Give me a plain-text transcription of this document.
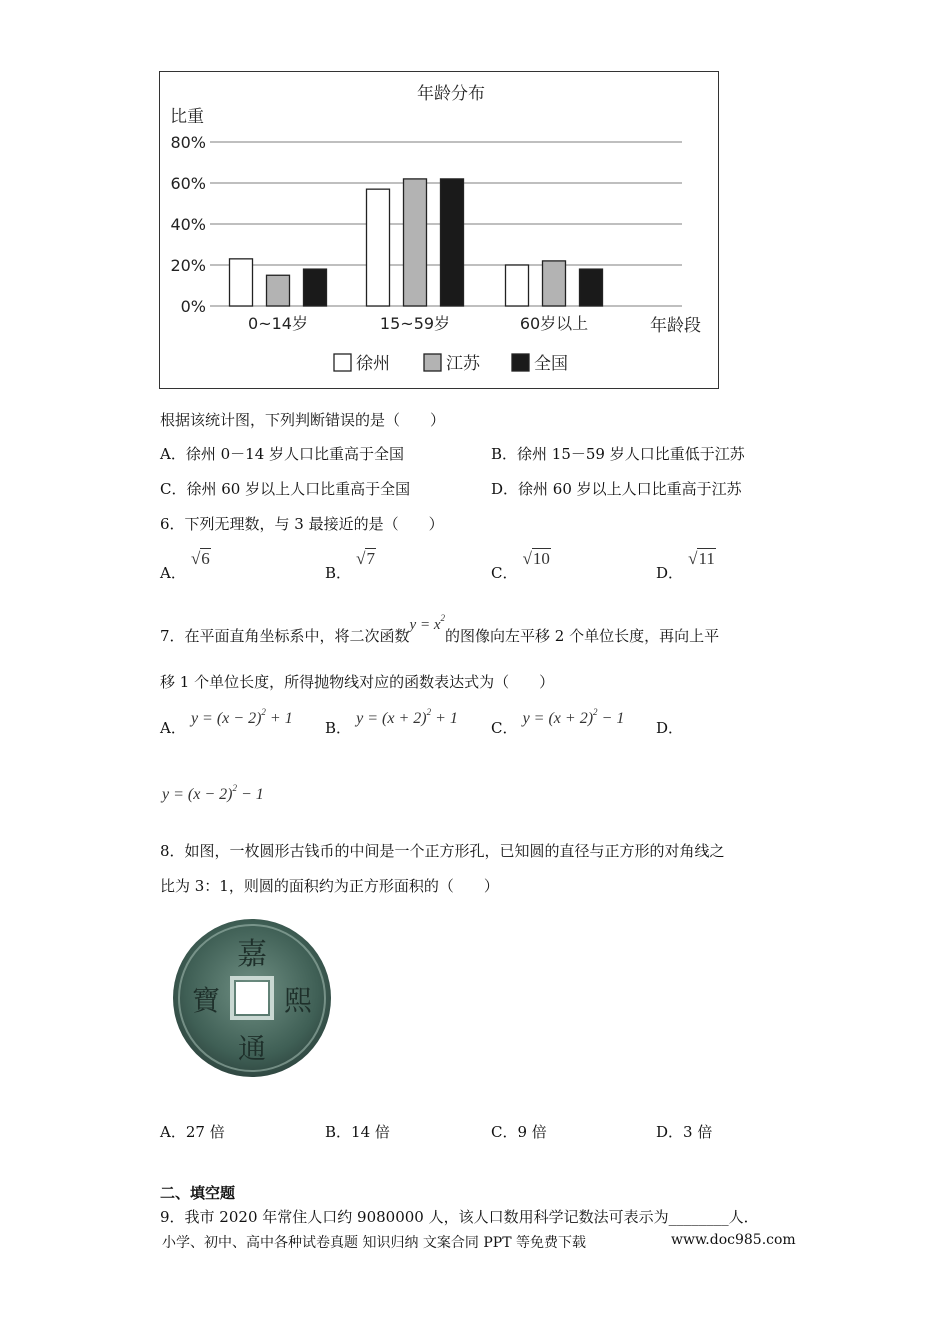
年龄分布
比重
年龄段
0%
20%
40%
60%
80%
0~14岁	15~59岁	60岁以上
徐州	江苏	全国
根据该统计图，下列判断错误的是（　　）
A．徐州 0－14 岁人口比重高于全国	B．徐州 15－59 岁人口比重低于江苏
C．徐州 60 岁以上人口比重高于全国	D．徐州 60 岁以上人口比重高于江苏
6．下列无理数，与 3 最接近的是（　　）
A． √6
B． √7
C． √10
D． √11
7．在平面直角坐标系中，将二次函数$y = x^2$的图像向左平移 2 个单位长度，再向上平
移 1 个单位长度，所得抛物线对应的函数表达式为（　　）
A． $y = (x - 2)^2 + 1$
B． $y = (x + 2)^2 + 1$
C． $y = (x + 2)^2 - 1$
D．
$y = (x - 2)^2 - 1$
8．如图，一枚圆形古钱币的中间是一个正方形孔，已知圆的直径与正方形的对角线之
比为 3：1，则圆的面积约为正方形面积的（　　）
嘉
熙
通
寶
A．27 倍	B．14 倍	C．9 倍	D．3 倍
二、填空题
9．我市 2020 年常住人口约 9080000 人，该人口数用科学记数法可表示为________人．
小学、初中、高中各种试卷真题 知识归纳 文案合同 PPT 等免费下载	www.doc985.com
